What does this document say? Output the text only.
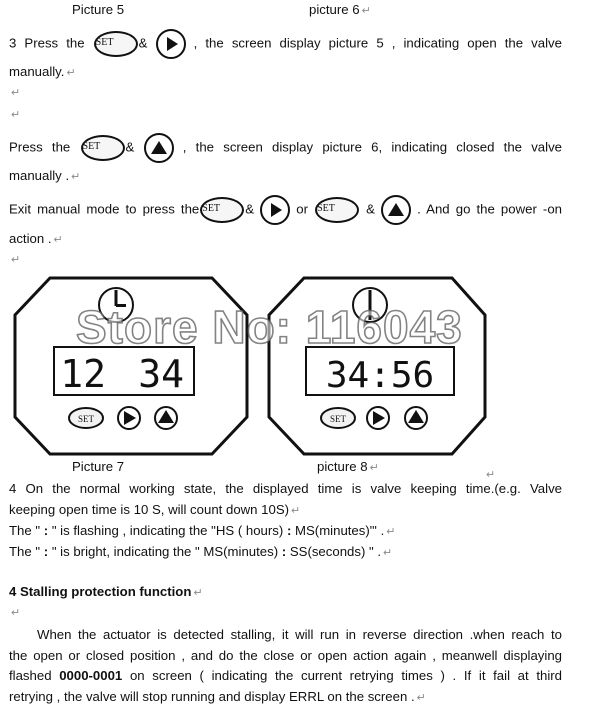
Picture 5	picture 6 ↵
3 Press the SET &	, the screen display picture 5 , indicating open the valve
manually. ↵
↵
↵
Press the SET &	, the screen display picture 6, indicating closed the valve
manually . ↵
Exit manual mode to press the SET &	or SET &	. And go the power -on
action . ↵
↵
12 34
SET
34:56
SET
Store No: 116043
Picture 7	picture 8 ↵
↵
4 On the normal working state, the displayed time is valve keeping time.(e.g. Valve
keeping open time is 10 S, will count down 10S) ↵
The " : " is flashing , indicating the "HS ( hours) : MS(minutes)"' . ↵
The " : " is bright, indicating the " MS(minutes) : SS(seconds) " . ↵
4 Stalling protection function ↵
↵
When the actuator is detected stalling, it will run in reverse direction .when reach to
the open or closed position , and do the close or open action again , meanwell displaying
flashed 0000-0001 on screen ( indicating the current retrying times ) . If it fail at third
retrying , the valve will stop running and display ERRL on the screen . ↵
